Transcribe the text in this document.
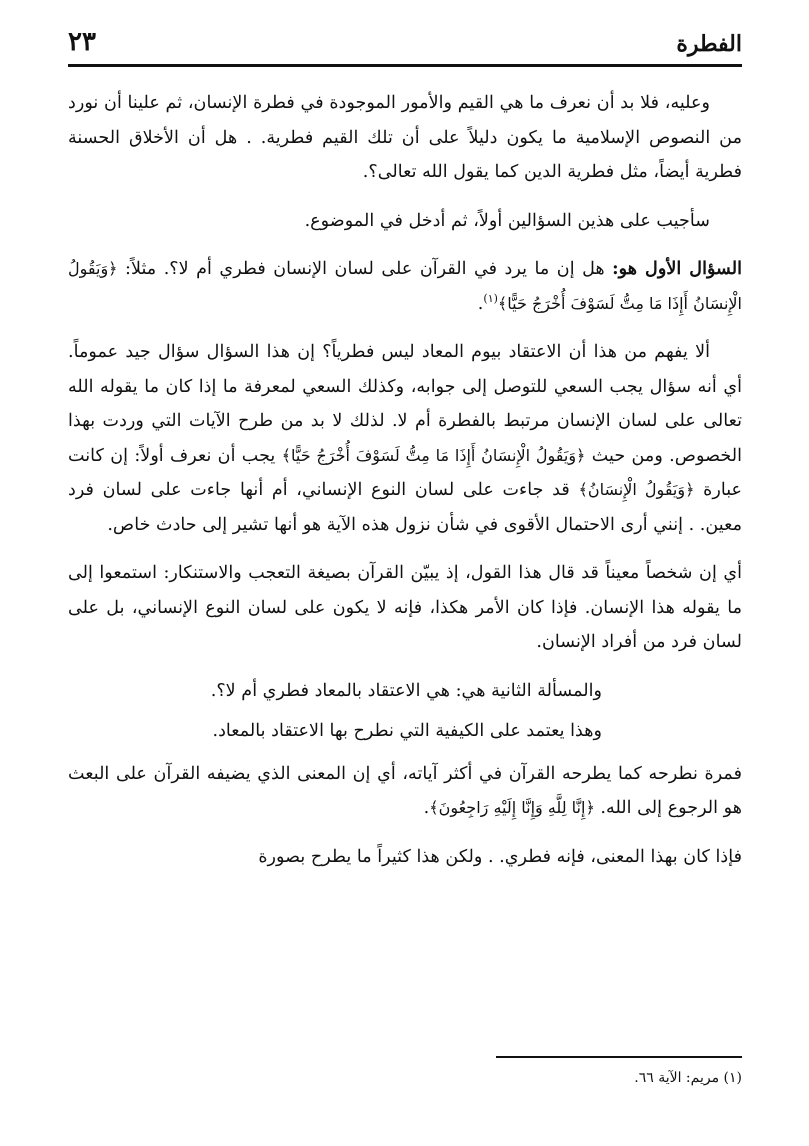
الفطرة
٢٣

وعليه، فلا بد أن نعرف ما هي القيم والأمور الموجودة في فطرة الإنسان، ثم علينا أن نورد من النصوص الإسلامية ما يكون دليلاً على أن تلك القيم فطرية. . هل أن الأخلاق الحسنة فطرية أيضاً، مثل فطرية الدين كما يقول الله تعالى؟.

سأجيب على هذين السؤالين أولاً، ثم أدخل في الموضوع.

السؤال الأول هو: هل إن ما يرد في القرآن على لسان الإنسان فطري أم لا؟. مثلاً: ﴿وَيَقُولُ الْإِنسَانُ أَإِذَا مَا مِتُّ لَسَوْفَ أُخْرَجُ حَيًّا﴾$^{(١)}$.

ألا يفهم من هذا أن الاعتقاد بيوم المعاد ليس فطرياً؟ إن هذا السؤال سؤال جيد عموماً. أي أنه سؤال يجب السعي للتوصل إلى جوابه، وكذلك السعي لمعرفة ما إذا كان ما يقوله الله تعالى على لسان الإنسان مرتبط بالفطرة أم لا. لذلك لا بد من طرح الآيات التي وردت بهذا الخصوص. ومن حيث ﴿وَيَقُولُ الْإِنسَانُ أَإِذَا مَا مِتُّ لَسَوْفَ أُخْرَجُ حَيًّا﴾ يجب أن نعرف أولاً: إن كانت عبارة ﴿وَيَقُولُ الْإِنسَانُ﴾ قد جاءت على لسان النوع الإنساني، أم أنها جاءت على لسان فرد معين. . إنني أرى الاحتمال الأقوى في شأن نزول هذه الآية هو أنها تشير إلى حادث خاص.

أي إن شخصاً معيناً قد قال هذا القول، إذ يبيّن القرآن بصيغة التعجب والاستنكار: استمعوا إلى ما يقوله هذا الإنسان. فإذا كان الأمر هكذا، فإنه لا يكون على لسان النوع الإنساني، بل على لسان فرد من أفراد الإنسان.

والمسألة الثانية هي: هي الاعتقاد بالمعاد فطري أم لا؟.

وهذا يعتمد على الكيفية التي نطرح بها الاعتقاد بالمعاد.

فمرة نطرحه كما يطرحه القرآن في أكثر آياته، أي إن المعنى الذي يضيفه القرآن على البعث هو الرجوع إلى الله. ﴿إِنَّا لِلَّهِ وَإِنَّا إِلَيْهِ رَاجِعُونَ﴾.

فإذا كان بهذا المعنى، فإنه فطري. . ولكن هذا كثيراً ما يطرح بصورة

(١) مريم: الآية ٦٦.
